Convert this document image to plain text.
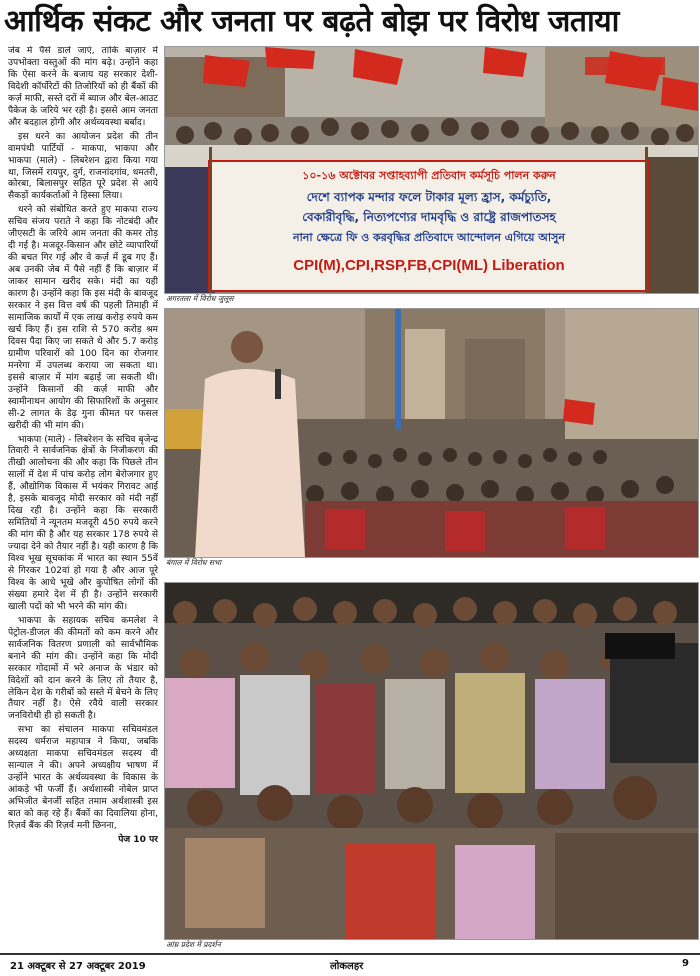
आर्थिक संकट और जनता पर बढ़ते बोझ पर विरोध जताया

जेब में पैसे डाले जाएं, ताकि बाज़ार में उपभोक्ता वस्तुओं की मांग बढ़े। उन्होंने कहा कि ऐसा करने के बजाय यह सरकार देशी-विदेशी कॉर्पोरेटों की तिजोरियों को ही बैंकों की कर्ज़ माफी, सस्ते दरों में ब्याज और बेल-आउट पैकेज के जरिये भर रही है। इससे आम जनता और बदहाल होगी और अर्थव्यवस्था बर्बाद।

इस धरने का आयोजन प्रदेश की तीन वामपंथी पार्टियों - माकपा, भाकपा और भाकपा (माले) - लिबरेशन द्वारा किया गया था, जिसमें रायपुर, दुर्ग, राजनांदगांव, धमतरी, कोरबा, बिलासपुर सहित पूरे प्रदेश से आये सैकड़ों कार्यकर्ताओं ने हिस्सा लिया।

धरने को संबोधित करते हुए माकपा राज्य सचिव संजय पराते ने कहा कि नोटबंदी और जीएसटी के जरिये आम जनता की कमर तोड़ दी गई है। मजदूर-किसान और छोटे व्यापारियों की बचत गिर गई और वे कर्ज़ में डूब गए हैं। अब उनकी जेब में पैसे नहीं हैं कि बाज़ार में जाकर सामान खरीद सके। मंदी का यही कारण है। उन्होंने कहा कि इस मंदी के बावजूद सरकार ने इस वित्त वर्ष की पहली तिमाही में सामाजिक कार्यों में एक लाख करोड़ रुपये कम खर्च किए हैं। इस राशि से 570 करोड़ श्रम दिवस पैदा किए जा सकते थे और 5.7 करोड़ ग्रामीण परिवारों को 100 दिन का रोजगार मनरेगा में उपलब्ध कराया जा सकता था। इससे बाज़ार में मांग बढ़ाई जा सकती थी। उन्होंने किसानों की कर्ज़ माफी और स्वामीनाथन आयोग की सिफारिशों के अनुसार सी-2 लागत के डेढ़ गुना कीमत पर फसल खरीदी की भी मांग की।

भाकपा (माले) - लिबरेशन के सचिव बृजेन्द्र तिवारी ने सार्वजनिक क्षेत्रों के निजीकरण की तीखी आलोचना की और कहा कि पिछले तीन सालों में देश में पांच करोड़ लोग बेरोजगार हुए हैं, औद्योगिक विकास में भयंकर गिरावट आई है, इसके बावजूद मोदी सरकार को मंदी नहीं दिख रही है। उन्होंने कहा कि सरकारी समितियों ने न्यूनतम मजदूरी 450 रुपये करने की मांग की है और यह सरकार 178 रुपये से ज्यादा देने को तैयार नहीं है। यही कारण है कि विश्व भूख सूचकांक में भारत का स्थान 55वें से गिरकर 102वां हो गया है और आज पूरे विश्व के आधे भूखे और कुपोषित लोगों की संख्या हमारे देश में ही है। उन्होंने सरकारी खाली पदों को भी भरने की मांग की।

भाकपा के सहायक सचिव कमलेश ने पेट्रोल-डीजल की कीमतों को कम करने और सार्वजनिक वितरण प्रणाली को सार्वभौमिक बनाने की मांग की। उन्होंने कहा कि मोदी सरकार गोदामों में भरे अनाज के भंडार को विदेशों को दान करने के लिए तो तैयार है, लेकिन देश के गरीबों को सस्ते में बेचने के लिए तैयार नहीं है। ऐसे रवैये वाली सरकार जनविरोधी ही हो सकती है।

सभा का संचालन माकपा सचिवमंडल सदस्य धर्मराज महापात्र ने किया, जबकि अध्यक्षता माकपा सचिवमंडल सदस्य वी सान्याल ने की। अपने अध्यक्षीय भाषण में उन्होंने भारत के अर्थव्यवस्था के विकास के आंकड़े भी फर्जी हैं। अर्थशास्त्री नोबेल प्राप्त अभिजीत बेनर्जी सहित तमाम अर्थशास्त्री इस बात को कह रहे हैं। बैंकों का दिवालिया होना, रिज़र्व बैंक की रिज़र्व मनी छिनना,

पेज 10 पर

১০-১৬ অক্টোবর সপ্তাহব্যাপী প্রতিবাদ কর্মসূচি পালন করুন
দেশে ব্যাপক মন্দার ফলে টাকার মূল্য হ্রাস, কর্মচ্যুতি,
বেকারীবৃদ্ধি, নিত্যপণ্যের দামবৃদ্ধি ও রাষ্ট্রে রাজপাতসহ
নানা ক্ষেত্রে ফি ও করবৃদ্ধির প্রতিবাদে আন্দোলন এগিয়ে আসুন
CPI(M),CPI,RSP,FB,CPI(ML) Liberation
अगरतला में विरोध जुलूस
बंगाल में विरोध सभा
आंध्र प्रदेश में प्रदर्शन
21 अक्टूबर से 27 अक्टूबर 2019	लोकलहर	9
